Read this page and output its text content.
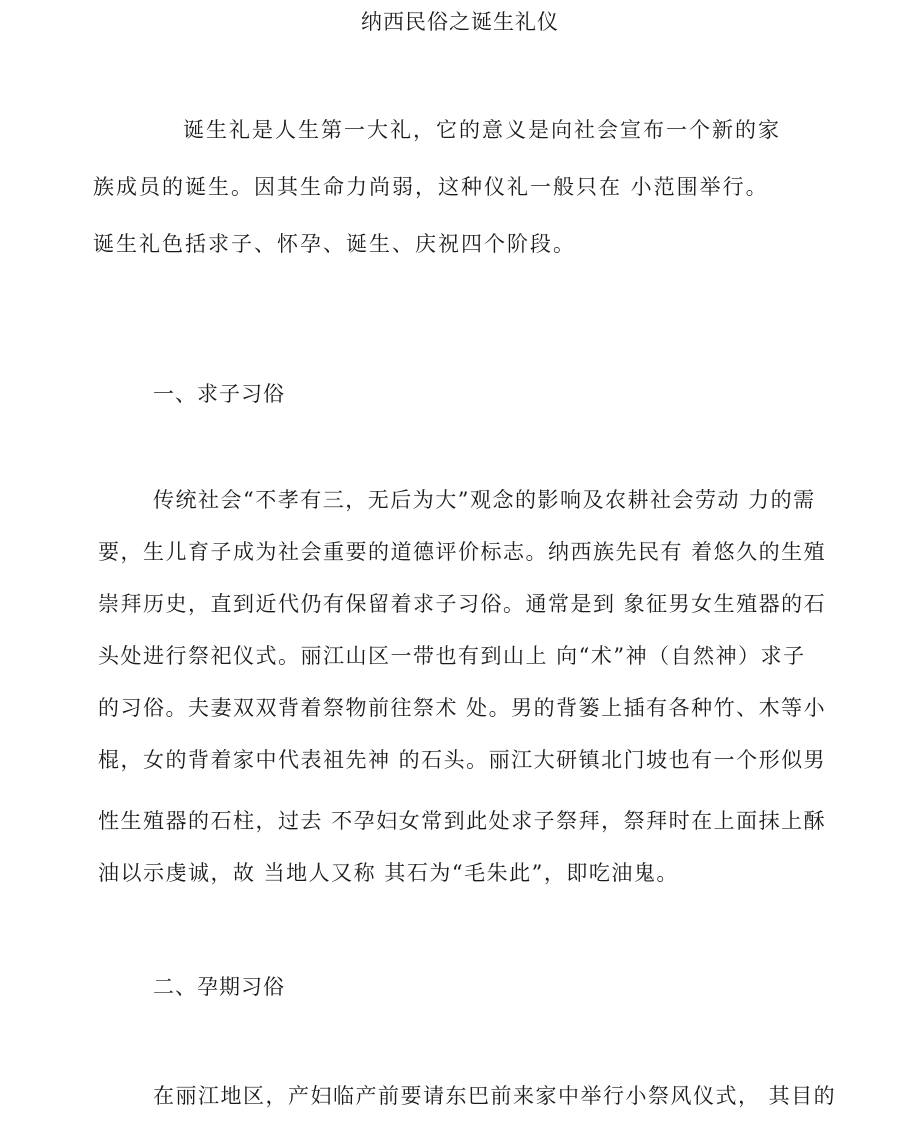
纳西民俗之诞生礼仪
诞生礼是人生第一大礼，它的意义是向社会宣布一个新的家
族成员的诞生。因其生命力尚弱，这种仪礼一般只在 小范围举行。
诞生礼色括求子、怀孕、诞生、庆祝四个阶段。
一、求子习俗
传统社会“不孝有三，无后为大”观念的影响及农耕社会劳动 力的需
要，生儿育子成为社会重要的道德评价标志。纳西族先民有 着悠久的生殖
崇拜历史，直到近代仍有保留着求子习俗。通常是到 象征男女生殖器的石
头处进行祭祀仪式。丽江山区一带也有到山上 向“术”神（自然神）求子
的习俗。夫妻双双背着祭物前往祭术 处。男的背篓上插有各种竹、木等小
棍，女的背着家中代表祖先神 的石头。丽江大研镇北门坡也有一个形似男
性生殖器的石柱，过去 不孕妇女常到此处求子祭拜，祭拜时在上面抹上酥
油以示虔诚，故 当地人又称 其石为“毛朱此”，即吃油鬼。
二、孕期习俗
在丽江地区，产妇临产前要请东巴前来家中举行小祭风仪式， 其目的
